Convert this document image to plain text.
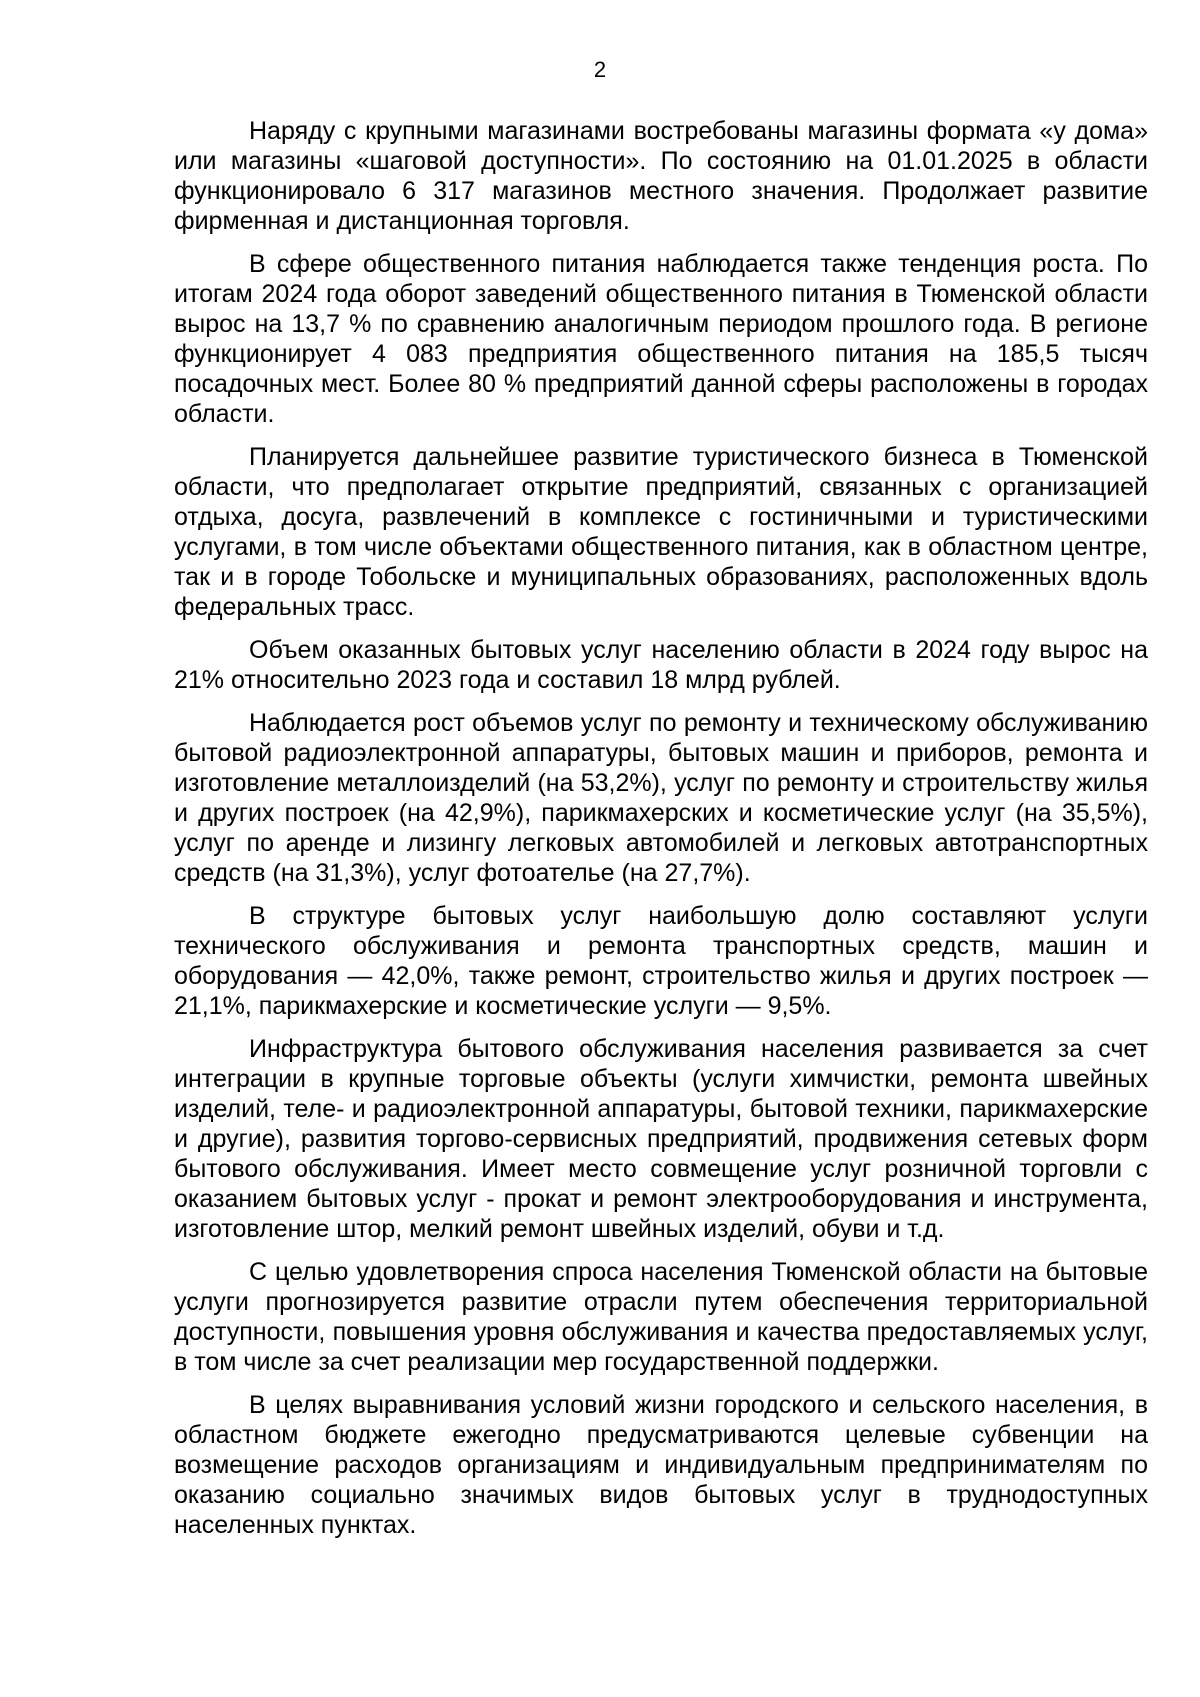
2

Наряду с крупными магазинами востребованы магазины формата «у дома» или магазины «шаговой доступности». По состоянию на 01.01.2025 в области функционировало 6 317 магазинов местного значения. Продолжает развитие фирменная и дистанционная торговля.

В сфере общественного питания наблюдается также тенденция роста. По итогам 2024 года оборот заведений общественного питания в Тюменской области вырос на 13,7 % по сравнению аналогичным периодом прошлого года. В регионе функционирует 4 083 предприятия общественного питания на 185,5 тысяч посадочных мест. Более 80 % предприятий данной сферы расположены в городах области.

Планируется дальнейшее развитие туристического бизнеса в Тюменской области, что предполагает открытие предприятий, связанных с организацией отдыха, досуга, развлечений в комплексе с гостиничными и туристическими услугами, в том числе объектами общественного питания, как в областном центре, так и в городе Тобольске и муниципальных образованиях, расположенных вдоль федеральных трасс.

Объем оказанных бытовых услуг населению области в 2024 году вырос на 21% относительно 2023 года и составил 18 млрд рублей.

Наблюдается рост объемов услуг по ремонту и техническому обслуживанию бытовой радиоэлектронной аппаратуры, бытовых машин и приборов, ремонта и изготовление металлоизделий (на 53,2%), услуг по ремонту и строительству жилья и других построек (на 42,9%), парикмахерских и косметические услуг (на 35,5%), услуг по аренде и лизингу легковых автомобилей и легковых автотранспортных средств (на 31,3%), услуг фотоателье (на 27,7%).

В структуре бытовых услуг наибольшую долю составляют услуги технического обслуживания и ремонта транспортных средств, машин и оборудования — 42,0%, также ремонт, строительство жилья и других построек — 21,1%, парикмахерские и косметические услуги — 9,5%.

Инфраструктура бытового обслуживания населения развивается за счет интеграции в крупные торговые объекты (услуги химчистки, ремонта швейных изделий, теле- и радиоэлектронной аппаратуры, бытовой техники, парикмахерские и другие), развития торгово-сервисных предприятий, продвижения сетевых форм бытового обслуживания. Имеет место совмещение услуг розничной торговли с оказанием бытовых услуг - прокат и ремонт электрооборудования и инструмента, изготовление штор, мелкий ремонт швейных изделий, обуви и т.д.

С целью удовлетворения спроса населения Тюменской области на бытовые услуги прогнозируется развитие отрасли путем обеспечения территориальной доступности, повышения уровня обслуживания и качества предоставляемых услуг, в том числе за счет реализации мер государственной поддержки.

В целях выравнивания условий жизни городского и сельского населения, в областном бюджете ежегодно предусматриваются целевые субвенции на возмещение расходов организациям и индивидуальным предпринимателям по оказанию социально значимых видов бытовых услуг в труднодоступных населенных пунктах.
